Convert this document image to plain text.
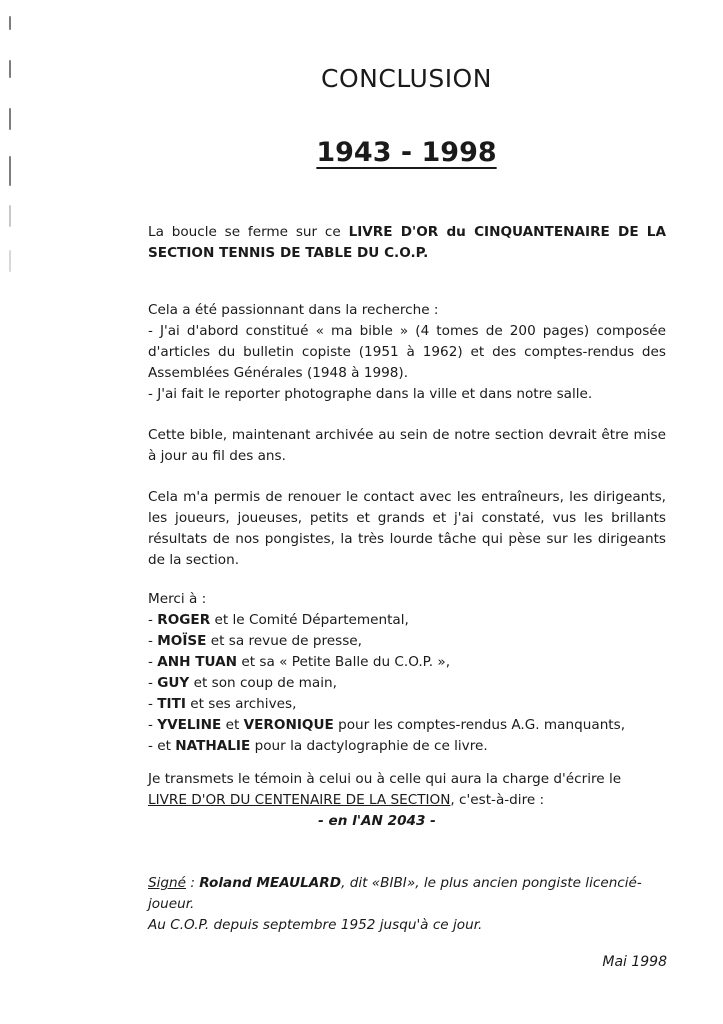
CONCLUSION
1943 - 1998
La boucle se ferme sur ce LIVRE D'OR du CINQUANTENAIRE DE LA SECTION TENNIS DE TABLE DU C.O.P.

Cela a été passionnant dans la recherche :

- J'ai d'abord constitué « ma bible » (4 tomes de 200 pages) composée d'articles du bulletin copiste (1951 à 1962) et des comptes-rendus des Assemblées Générales (1948 à 1998).

- J'ai fait le reporter photographe dans la ville et dans notre salle.

Cette bible, maintenant archivée au sein de notre section devrait être mise à jour au fil des ans.
Cela m'a permis de renouer le contact avec les entraîneurs, les dirigeants, les joueurs, joueuses, petits et grands et j'ai constaté, vus les brillants résultats de nos pongistes, la très lourde tâche qui pèse sur les dirigeants de la section.

Merci à :

- ROGER et le Comité Départemental,

- MOÏSE et sa revue de presse,

- ANH TUAN et sa « Petite Balle du C.O.P. »,

- GUY et son coup de main,

- TITI et ses archives,

- YVELINE et VERONIQUE pour les comptes-rendus A.G. manquants,

- et NATHALIE pour la dactylographie de ce livre.

Je transmets le témoin à celui ou à celle qui aura la charge d'écrire le

LIVRE D'OR DU CENTENAIRE DE LA SECTION, c'est-à-dire :

- en l'AN 2043 -

Signé : Roland MEAULARD, dit «BIBI», le plus ancien pongiste licencié-joueur.

Au C.O.P. depuis septembre 1952 jusqu'à ce jour.

Mai 1998
